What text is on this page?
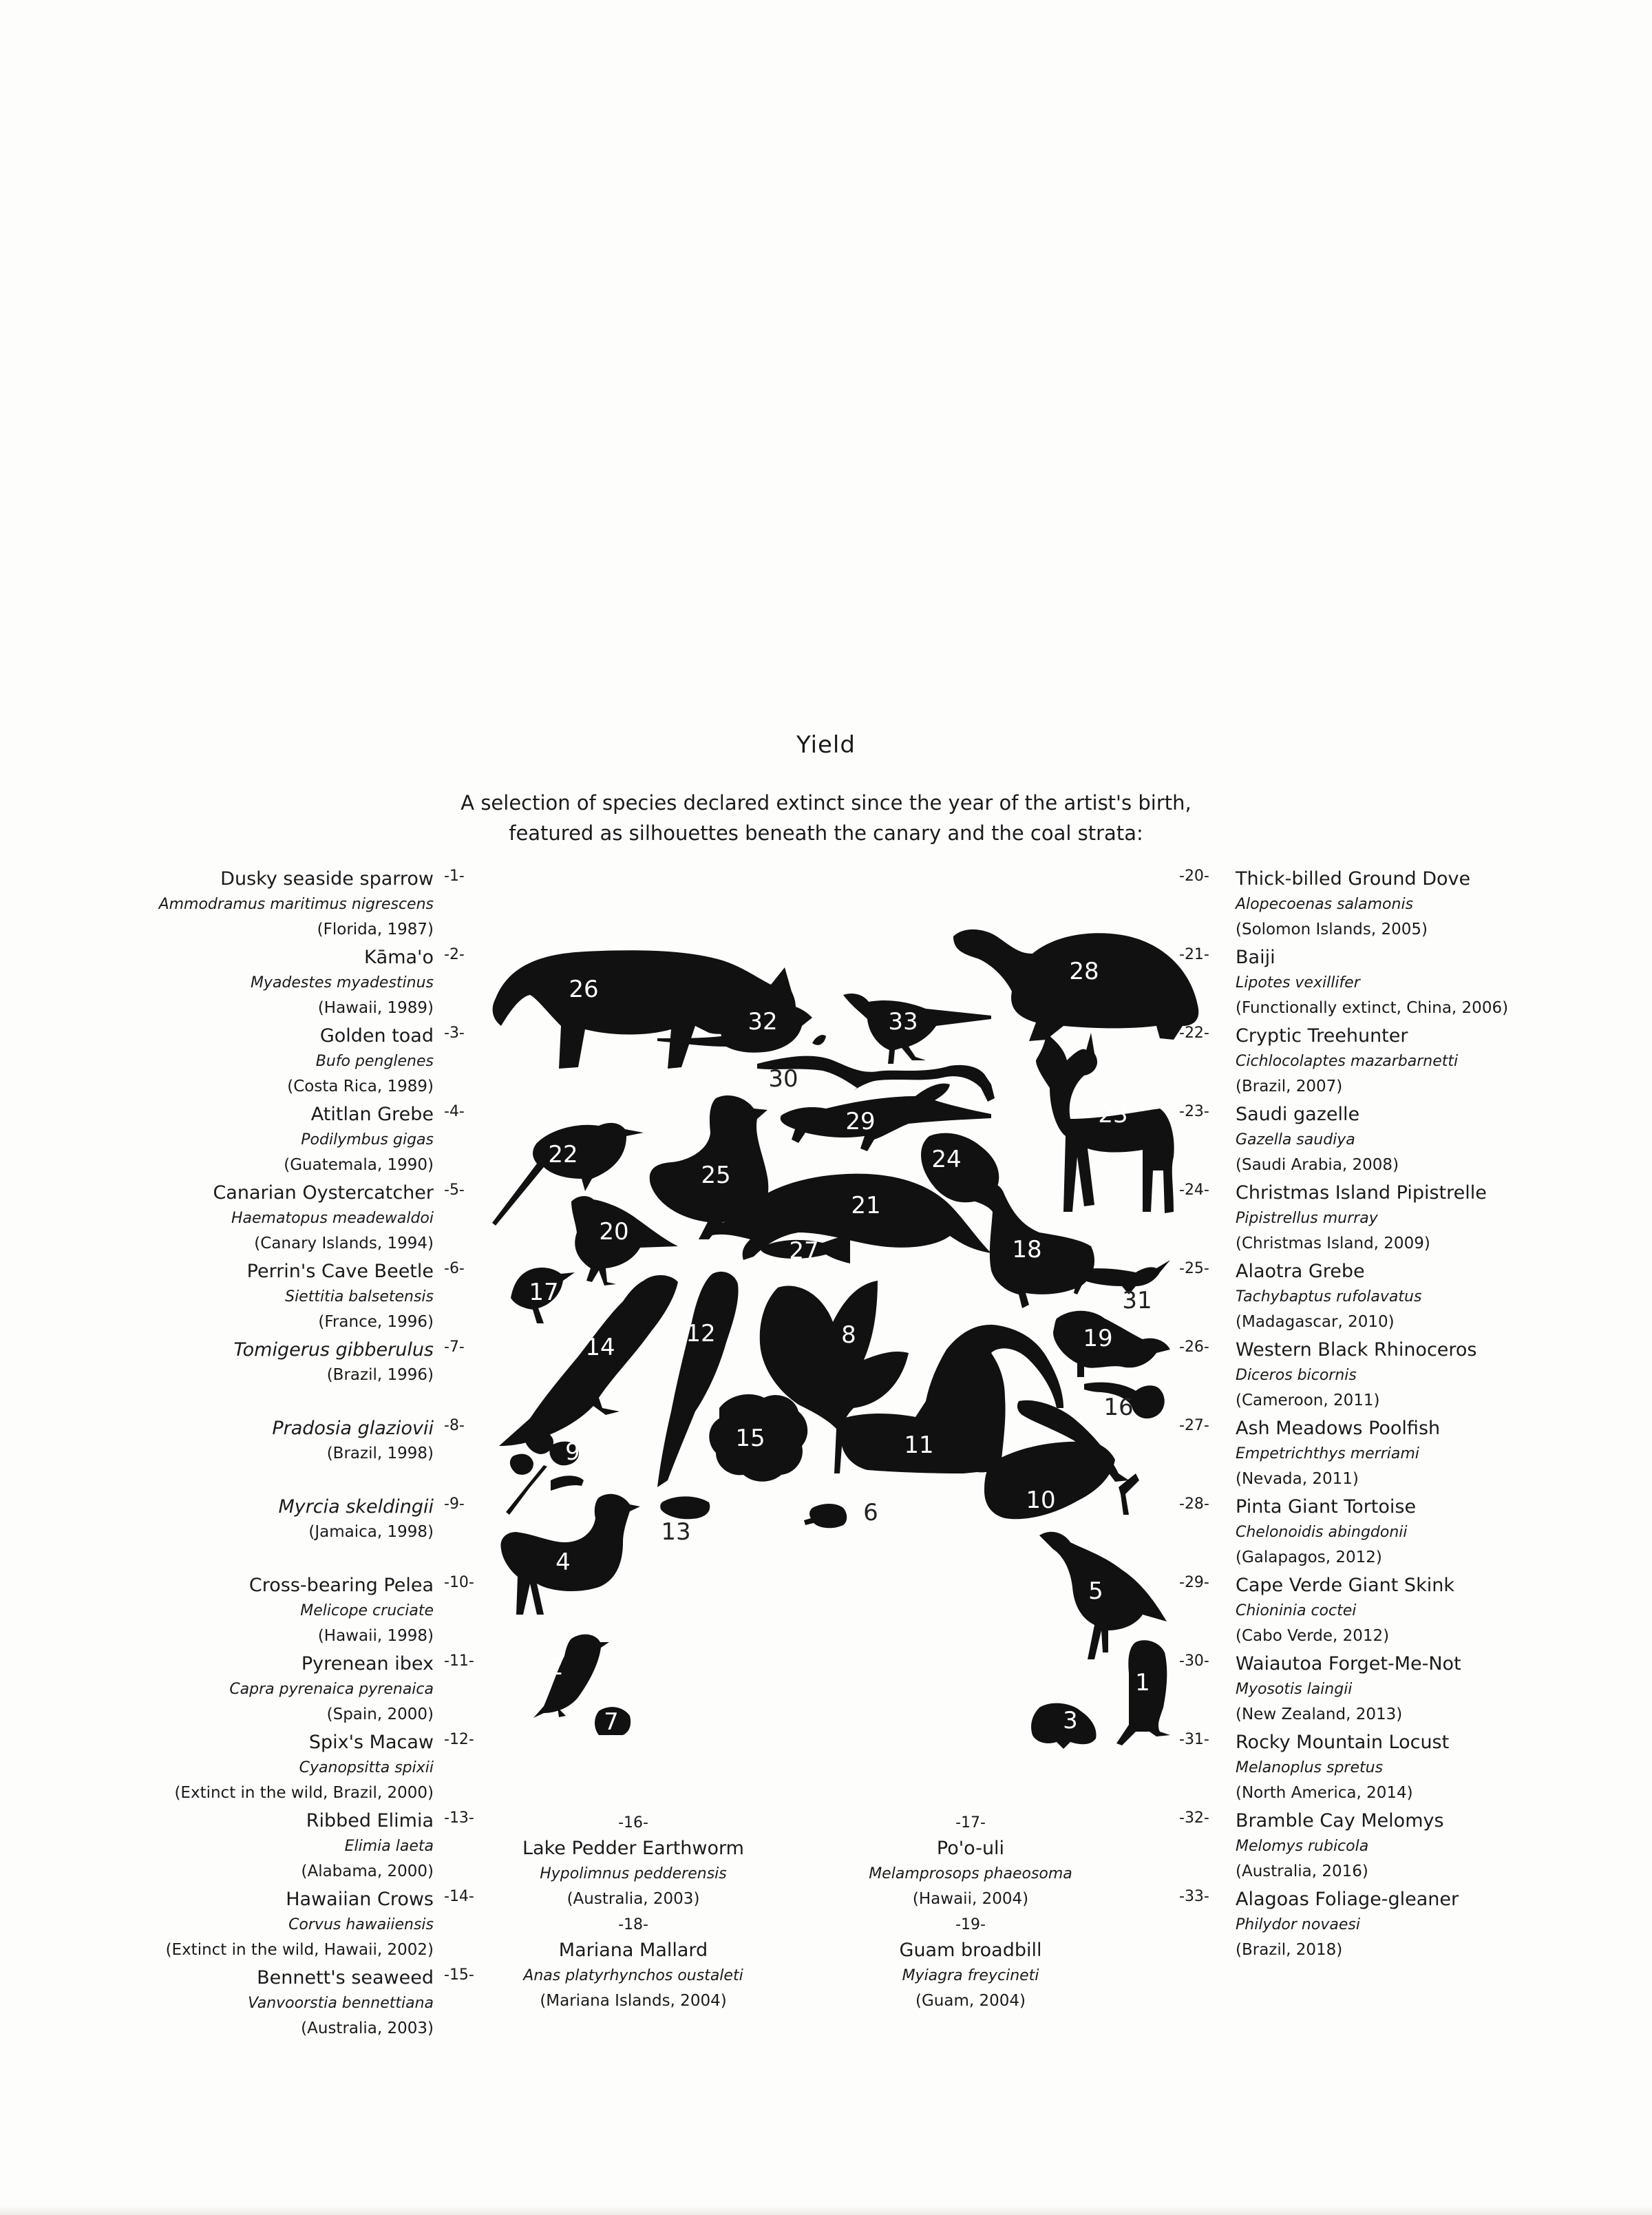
Yield
A selection of species declared extinct since the year of the artist's birth,
featured as silhouettes beneath the canary and the coal strata:
Dusky seaside sparrow
Ammodramus maritimus nigrescens
(Florida, 1987)
-1-
Kāma'o
Myadestes myadestinus
(Hawaii, 1989)
-2-
Golden toad
Bufo penglenes
(Costa Rica, 1989)
-3-
Atitlan Grebe
Podilymbus gigas
(Guatemala, 1990)
-4-
Canarian Oystercatcher
Haematopus meadewaldoi
(Canary Islands, 1994)
-5-
Perrin's Cave Beetle
Siettitia balsetensis
(France, 1996)
-6-
Tomigerus gibberulus
(Brazil, 1996)
-7-
Pradosia glaziovii
(Brazil, 1998)
-8-
Myrcia skeldingii
(Jamaica, 1998)
-9-
Cross-bearing Pelea
Melicope cruciate
(Hawaii, 1998)
-10-
Pyrenean ibex
Capra pyrenaica pyrenaica
(Spain, 2000)
-11-
Spix's Macaw
Cyanopsitta spixii
(Extinct in the wild, Brazil, 2000)
-12-
Ribbed Elimia
Elimia laeta
(Alabama, 2000)
-13-
Hawaiian Crows
Corvus hawaiiensis
(Extinct in the wild, Hawaii, 2002)
-14-
Bennett's seaweed
Vanvoorstia bennettiana
(Australia, 2003)
-15-
Thick-billed Ground Dove
Alopecoenas salamonis
(Solomon Islands, 2005)
-20-
Baiji
Lipotes vexillifer
(Functionally extinct, China, 2006)
-21-
Cryptic Treehunter
Cichlocolaptes mazarbarnetti
(Brazil, 2007)
-22-
Saudi gazelle
Gazella saudiya
(Saudi Arabia, 2008)
-23-
Christmas Island Pipistrelle
Pipistrellus murray
(Christmas Island, 2009)
-24-
Alaotra Grebe
Tachybaptus rufolavatus
(Madagascar, 2010)
-25-
Western Black Rhinoceros
Diceros bicornis
(Cameroon, 2011)
-26-
Ash Meadows Poolfish
Empetrichthys merriami
(Nevada, 2011)
-27-
Pinta Giant Tortoise
Chelonoidis abingdonii
(Galapagos, 2012)
-28-
Cape Verde Giant Skink
Chioninia coctei
(Cabo Verde, 2012)
-29-
Waiautoa Forget-Me-Not
Myosotis laingii
(New Zealand, 2013)
-30-
Rocky Mountain Locust
Melanoplus spretus
(North America, 2014)
-31-
Bramble Cay Melomys
Melomys rubicola
(Australia, 2016)
-32-
Alagoas Foliage-gleaner
Philydor novaesi
(Brazil, 2018)
-33-
-16-
Lake Pedder Earthworm
Hypolimnus pedderensis
(Australia, 2003)
-17-
Po'o-uli
Melamprosops phaeosoma
(Hawaii, 2004)
-18-
Mariana Mallard
Anas platyrhynchos oustaleti
(Mariana Islands, 2004)
-19-
Guam broadbill
Myiagra freycineti
(Guam, 2004)
26
28
32	33
30
29	23
22
25
24
21
27
20
18
31
17
14	12	8	19
16
11
15
9
10
13
6
4
5
2
7	3
1
